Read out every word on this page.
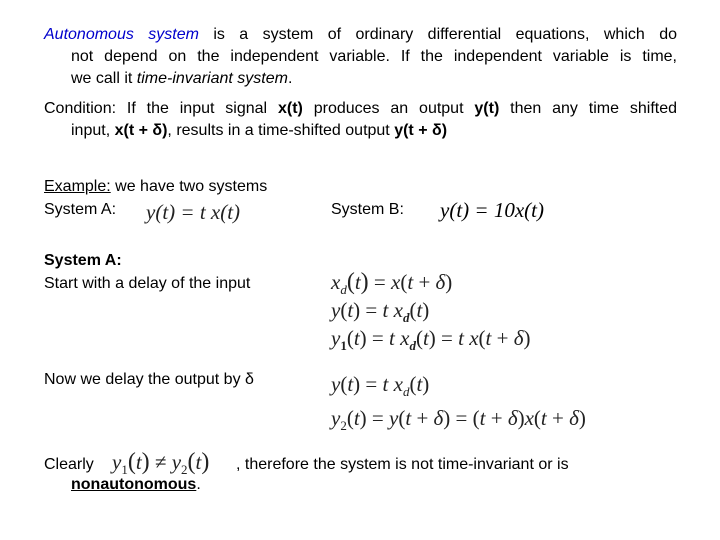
Autonomous system is a system of ordinary differential equations, which do
not depend on the independent variable. If the independent variable is time,
we call it time-invariant system.
Condition: If the input signal x(t) produces an output y(t) then any time shifted
input, x(t + δ), results in a time-shifted output y(t + δ)
Example: we have two systems
System A: y(t) = t x(t)	System B: y(t) = 10x(t)
System A:
Start with a delay of the input	$x_d(t) = x(t + \delta)$
y(t) = t $x_d(t)$
$y_1(t) = t$ $x_d(t) = t$ x(t + δ)
Now we delay the output by δ	y(t) = t $x_d(t)$
$y_2(t) = y(t + \delta) = (t + \delta)x(t + \delta)$
Clearly $y_1(t) \ne y_2(t)$ , therefore the system is not time-invariant or is
nonautonomous.
